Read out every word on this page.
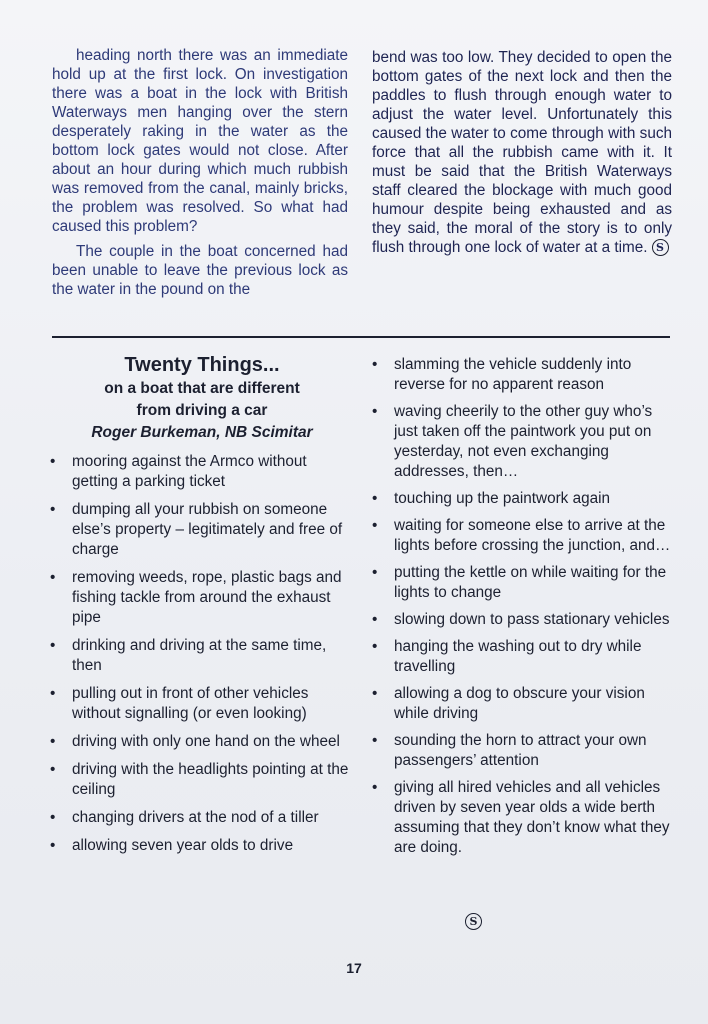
heading north there was an immediate hold up at the first lock. On investigation there was a boat in the lock with British Waterways men hanging over the stern desperately raking in the water as the bottom lock gates would not close. After about an hour during which much rubbish was removed from the canal, mainly bricks, the problem was resolved. So what had caused this problem?

The couple in the boat concerned had been unable to leave the previous lock as the water in the pound on the

bend was too low. They decided to open the bottom gates of the next lock and then the paddles to flush through enough water to adjust the water level. Unfortunately this caused the water to come through with such force that all the rubbish came with it. It must be said that the British Waterways staff cleared the blockage with much good humour despite being exhausted and as they said, the moral of the story is to only flush through one lock of water at a time. S

Twenty Things...
on a boat that are different
from driving a car
Roger Burkeman, NB Scimitar
• mooring against the Armco without getting a parking ticket
• dumping all your rubbish on someone else’s property – legitimately and free of charge
• removing weeds, rope, plastic bags and fishing tackle from around the exhaust pipe
• drinking and driving at the same time, then
• pulling out in front of other vehicles without signalling (or even looking)
• driving with only one hand on the wheel
• driving with the headlights pointing at the ceiling
• changing drivers at the nod of a tiller
• allowing seven year olds to drive
• slamming the vehicle suddenly into reverse for no apparent reason
• waving cheerily to the other guy who’s just taken off the paintwork you put on yesterday, not even exchanging addresses, then…
• touching up the paintwork again
• waiting for someone else to arrive at the lights before crossing the junction, and…
• putting the kettle on while waiting for the lights to change
• slowing down to pass stationary vehicles
• hanging the washing out to dry while travelling
• allowing a dog to obscure your vision while driving
• sounding the horn to attract your own passengers’ attention
• giving all hired vehicles and all vehicles driven by seven year olds a wide berth assuming that they don’t know what they are doing.
S
17
